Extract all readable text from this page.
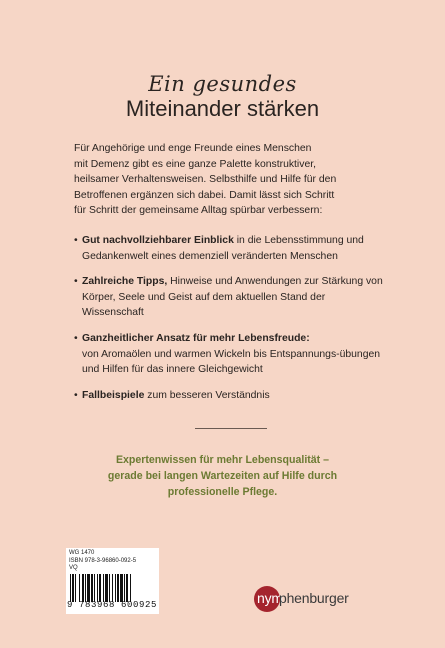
Ein gesundes
Miteinander stärken
Für Angehörige und enge Freunde eines Menschen
mit Demenz gibt es eine ganze Palette konstruktiver,
heilsamer Verhaltensweisen. Selbsthilfe und Hilfe für den
Betroffenen ergänzen sich dabei. Damit lässt sich Schritt
für Schritt der gemeinsame Alltag spürbar verbessern:
• Gut nachvollziehbarer Einblick in die Lebensstimmung und Gedankenwelt eines demenziell veränderten Menschen
• Zahlreiche Tipps, Hinweise und Anwendungen zur Stärkung von Körper, Seele und Geist auf dem aktuellen Stand der Wissenschaft
• Ganzheitlicher Ansatz für mehr Lebensfreude:
von Aromaölen und warmen Wickeln bis Entspannungs-übungen und Hilfen für das innere Gleichgewicht
• Fallbeispiele zum besseren Verständnis
Expertenwissen für mehr Lebensqualität –
gerade bei langen Wartezeiten auf Hilfe durch
professionelle Pflege.
WG 1470
ISBN 978-3-96860-092-5
VQ
9 783968 600925	nym
phenburger
